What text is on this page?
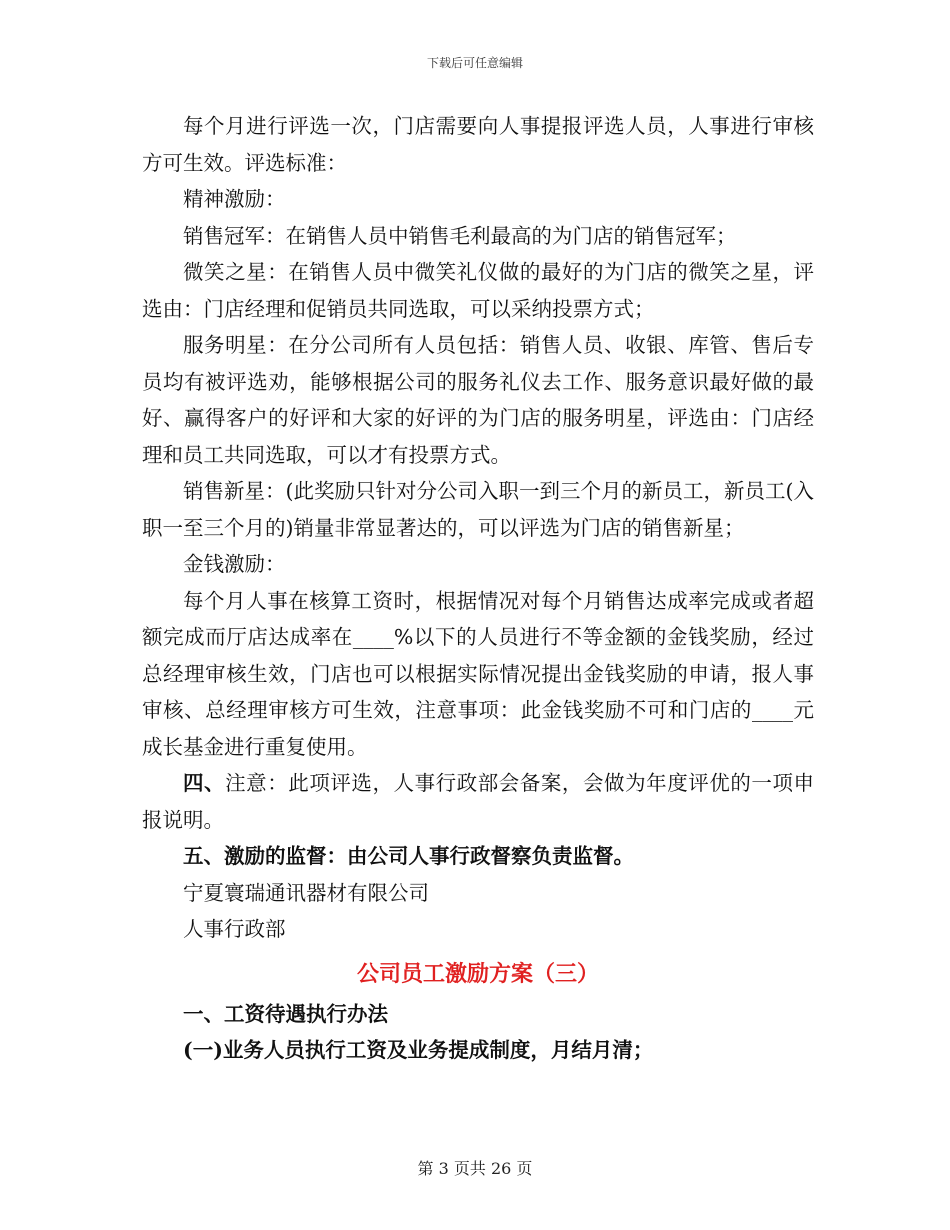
下载后可任意编辑

每个月进行评选一次，门店需要向人事提报评选人员，人事进行审核方可生效。评选标准：

精神激励：

销售冠军：在销售人员中销售毛利最高的为门店的销售冠军；

微笑之星：在销售人员中微笑礼仪做的最好的为门店的微笑之星，评选由：门店经理和促销员共同选取，可以采纳投票方式；

服务明星：在分公司所有人员包括：销售人员、收银、库管、售后专员均有被评选劝，能够根据公司的服务礼仪去工作、服务意识最好做的最好、赢得客户的好评和大家的好评的为门店的服务明星，评选由：门店经理和员工共同选取，可以才有投票方式。

销售新星：(此奖励只针对分公司入职一到三个月的新员工，新员工(入职一至三个月的)销量非常显著达的，可以评选为门店的销售新星；

金钱激励：

每个月人事在核算工资时，根据情况对每个月销售达成率完成或者超额完成而厅店达成率在____%以下的人员进行不等金额的金钱奖励，经过总经理审核生效，门店也可以根据实际情况提出金钱奖励的申请，报人事审核、总经理审核方可生效，注意事项：此金钱奖励不可和门店的____元成长基金进行重复使用。

四、注意：此项评选，人事行政部会备案，会做为年度评优的一项申报说明。

五、激励的监督：由公司人事行政督察负责监督。

宁夏寰瑞通讯器材有限公司

人事行政部

公司员工激励方案（三）

一、工资待遇执行办法

(一)业务人员执行工资及业务提成制度，月结月清；

第 3 页共 26 页
